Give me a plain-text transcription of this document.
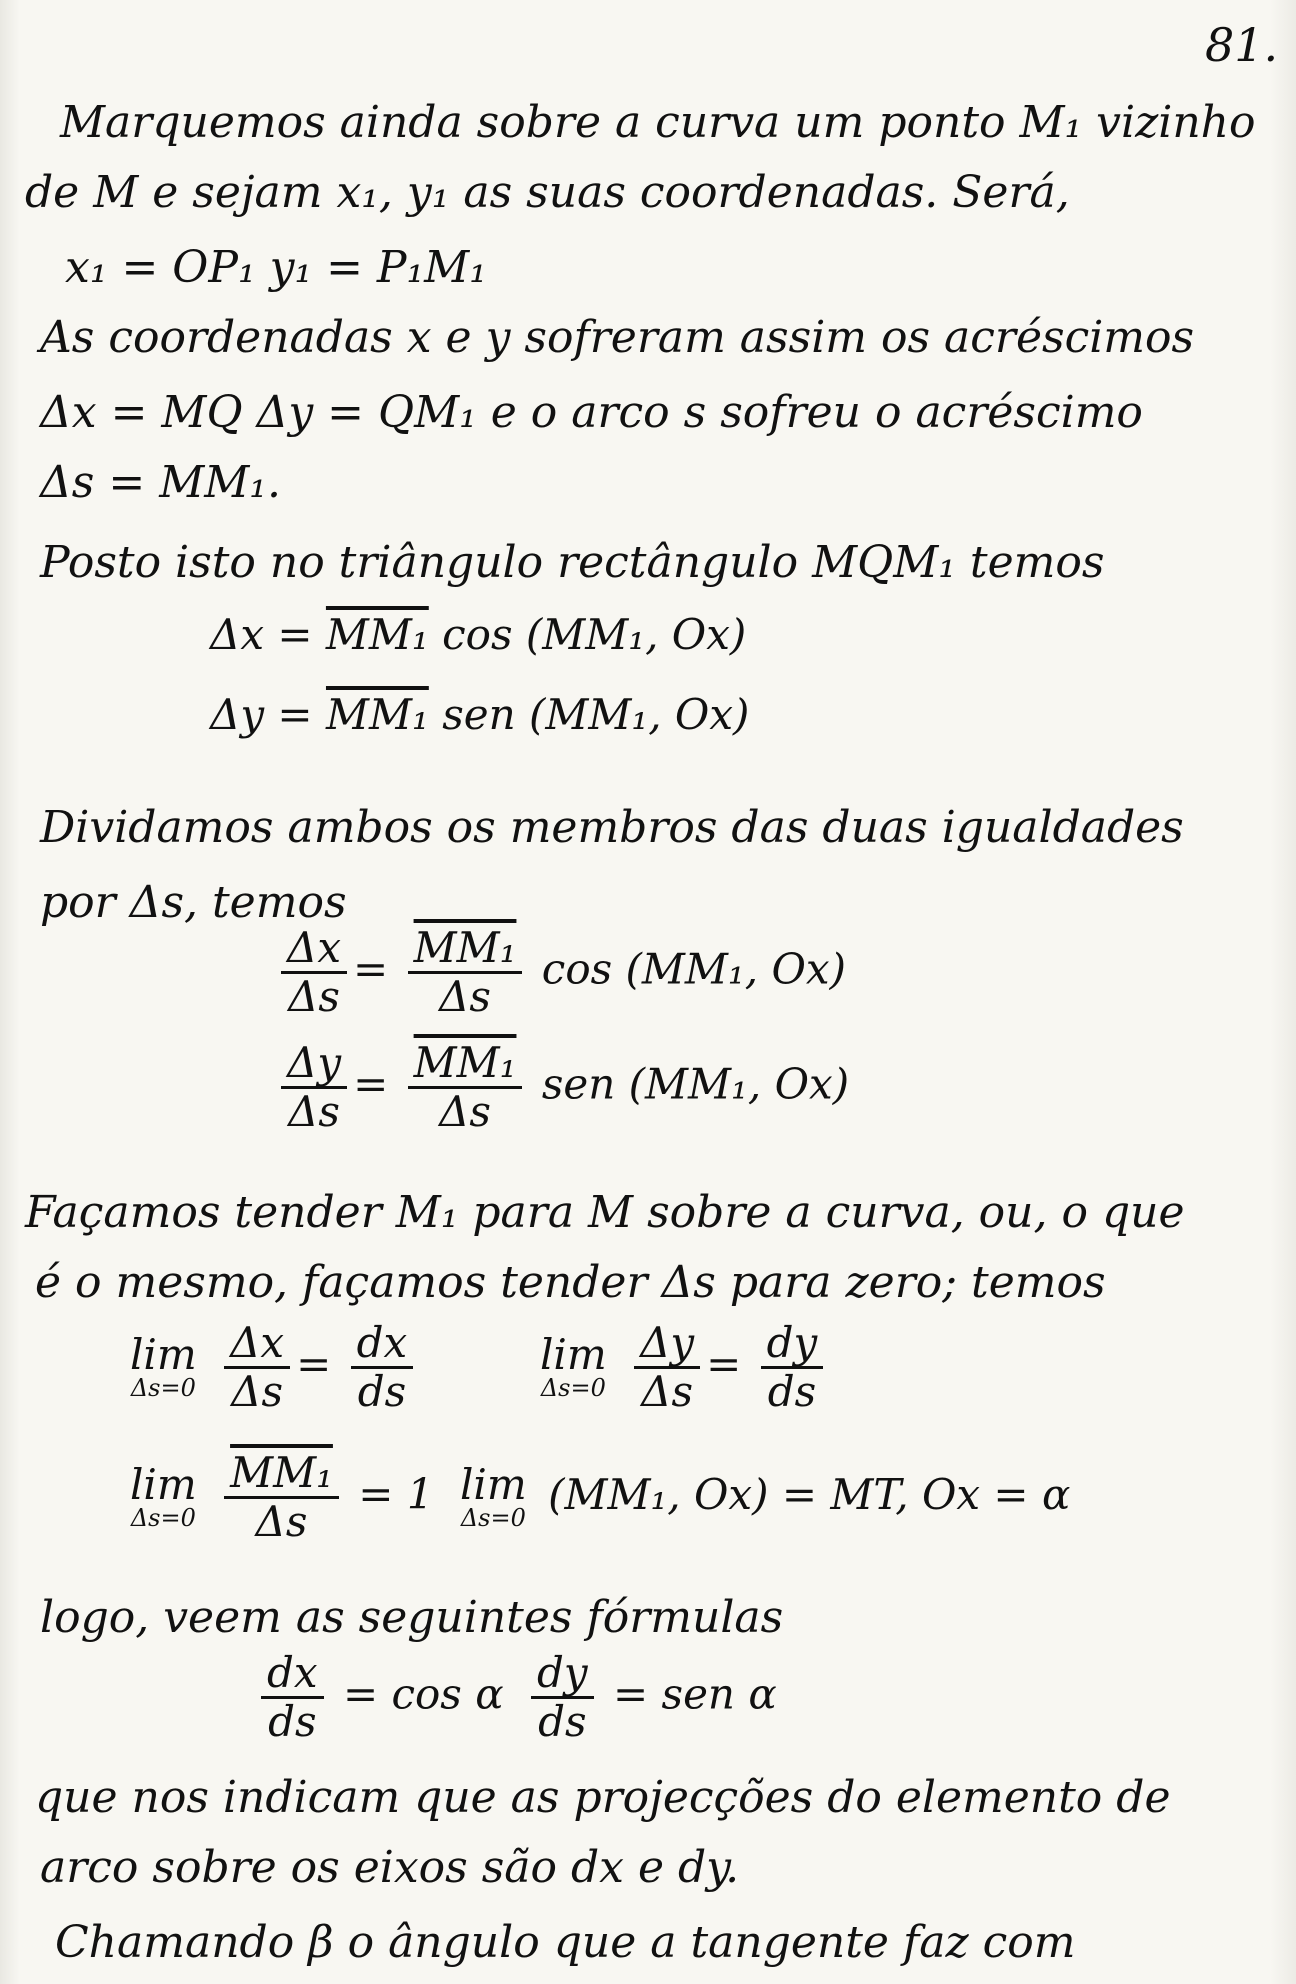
81.
Marquemos ainda sobre a curva um ponto M₁ vizinho
de M e sejam x₁, y₁ as suas coordenadas. Será,
x₁ = OP₁ y₁ = P₁M₁
As coordenadas x e y sofreram assim os acréscimos
Δx = MQ Δy = QM₁ e o arco s sofreu o acréscimo
Δs = MM₁.
Posto isto no triângulo rectângulo MQM₁ temos
Δx = MM₁ cos (MM₁, Ox)
Δy = MM₁ sen (MM₁, Ox)
Dividamos ambos os membros das duas igualdades
por Δs, temos
$\frac{\Delta x}{\Delta s} = \frac{\text{MM₁}}{\Delta s}$ cos (MM₁, Ox)
$\frac{\Delta y}{\Delta s} = \frac{\text{MM₁}}{\Delta s}$ sen (MM₁, Ox)
Façamos tender M₁ para M sobre a curva, ou, o que
é o mesmo, façamos tender Δs para zero; temos
lim
Δs=0
$\frac{\Delta x}{\Delta s} = \frac{dx}{ds}$	lim
Δs=0
$\frac{\Delta y}{\Delta s} = \frac{dy}{ds}$
lim
Δs=0
$\frac{\text{MM₁}}{\Delta s} = 1$ lim
Δs=0 (MM₁, Ox) = MT, Ox = α
logo, veem as seguintes fórmulas
$\frac{dx}{ds} = \cos \alpha \frac{dy}{ds}$ = sen α
que nos indicam que as projecções do elemento de
arco sobre os eixos são dx e dy.
Chamando β o ângulo que a tangente faz com
